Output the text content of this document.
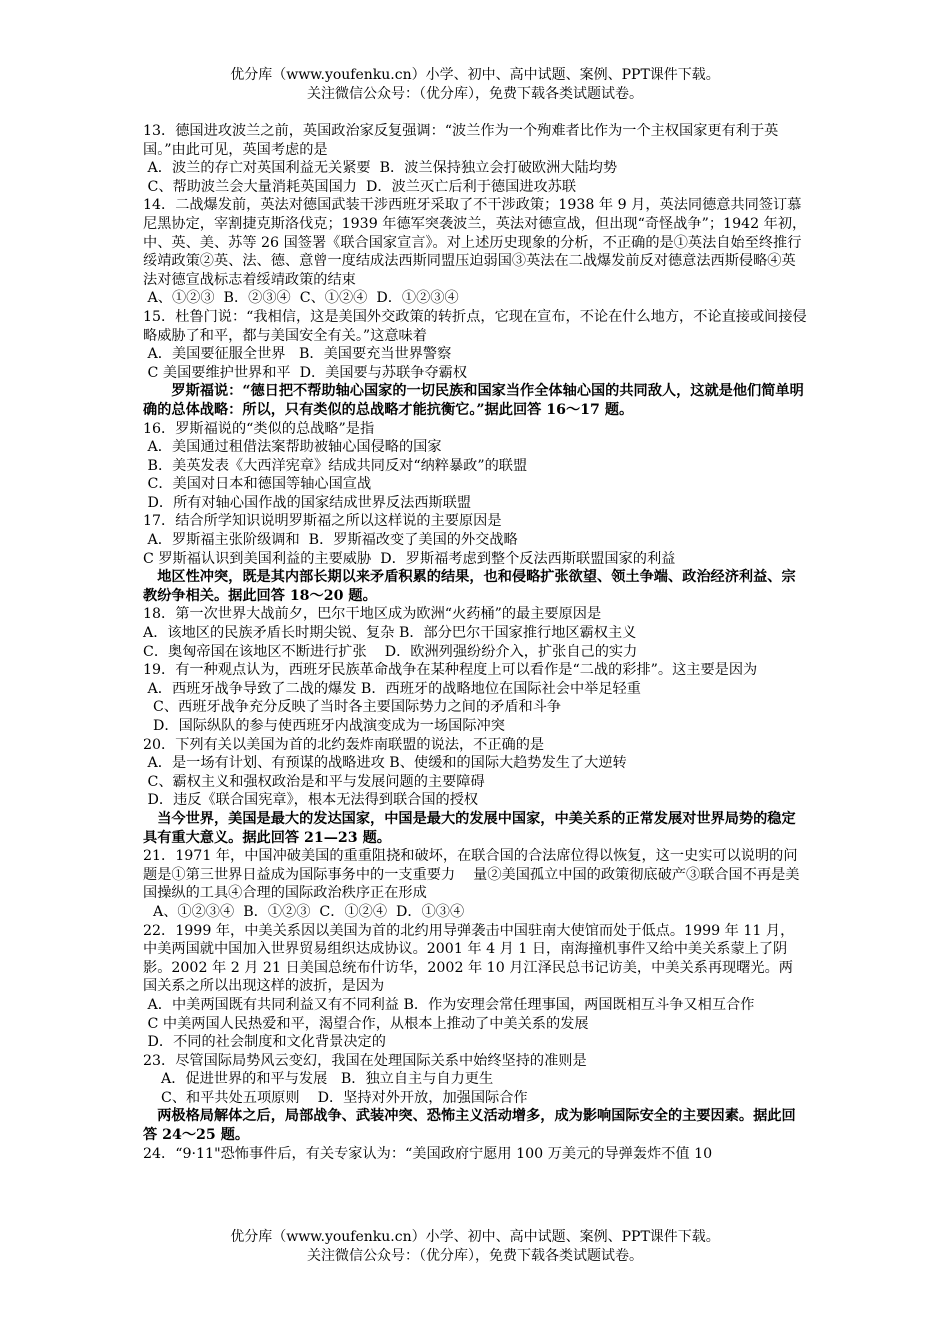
优分库（www.youfenku.cn）小学、初中、高中试题、案例、PPT课件下载。
关注微信公众号：（优分库），免费下载各类试题试卷。

13．德国进攻波兰之前，英国政治家反复强调：“波兰作为一个殉难者比作为一个主权国家更有利于英国。”由此可见，英国考虑的是

A．波兰的存亡对英国利益无关紧要  B．波兰保持独立会打破欧洲大陆均势

C、帮助波兰会大量消耗英国国力  D．波兰灭亡后利于德国进攻苏联

14．二战爆发前，英法对德国武装干涉西班牙采取了不干涉政策；1938 年 9 月，英法同德意共同签订慕尼黑协定，宰割捷克斯洛伐克；1939 年德军突袭波兰，英法对德宣战，但出现“奇怪战争”；1942 年初，中、英、美、苏等 26 国签署《联合国家宣言》。对上述历史现象的分析，不正确的是①英法自始至终推行绥靖政策②英、法、德、意曾一度结成法西斯同盟压迫弱国③英法在二战爆发前反对德意法西斯侵略④英法对德宣战标志着绥靖政策的结束

A、①②③  B．②③④  C、①②④  D．①②③④

15．杜鲁门说：“我相信，这是美国外交政策的转折点，它现在宣布，不论在什么地方，不论直接或间接侵略威胁了和平，都与美国安全有关。”这意味着

A．美国要征服全世界   B．美国要充当世界警察

C 美国要维护世界和平  D．美国要与苏联争夺霸权

罗斯福说：“德日把不帮助轴心国家的一切民族和国家当作全体轴心国的共同敌人，这就是他们简单明确的总体战略：所以，只有类似的总战略才能抗衡它。”据此回答 16～17 题。

16．罗斯福说的“类似的总战略”是指

A．美国通过租借法案帮助被轴心国侵略的国家

B．美英发表《大西洋宪章》结成共同反对“纳粹暴政”的联盟

C．美国对日本和德国等轴心国宣战

D．所有对轴心国作战的国家结成世界反法西斯联盟

17．结合所学知识说明罗斯福之所以这样说的主要原因是

A．罗斯福主张阶级调和  B．罗斯福改变了美国的外交战略

C 罗斯福认识到美国利益的主要威胁  D．罗斯福考虑到整个反法西斯联盟国家的利益

地区性冲突，既是其内部长期以来矛盾积累的结果，也和侵略扩张欲望、领土争端、政治经济利益、宗教纷争相关。据此回答 18～20 题。

18．第一次世界大战前夕，巴尔干地区成为欧洲“火药桶”的最主要原因是

A．该地区的民族矛盾长时期尖锐、复杂 B．部分巴尔干国家推行地区霸权主义

C．奥匈帝国在该地区不断进行扩张    D．欧洲列强纷纷介入，扩张自己的实力

19．有一种观点认为，西班牙民族革命战争在某种程度上可以看作是“二战的彩排”。这主要是因为

A．西班牙战争导致了二战的爆发 B．西班牙的战略地位在国际社会中举足轻重

C、西班牙战争充分反映了当时各主要国际势力之间的矛盾和斗争

D．国际纵队的参与使西班牙内战演变成为一场国际冲突

20．下列有关以美国为首的北约轰炸南联盟的说法，不正确的是

A．是一场有计划、有预谋的战略进攻 B、使缓和的国际大趋势发生了大逆转

C、霸权主义和强权政治是和平与发展问题的主要障碍

D．违反《联合国宪章》，根本无法得到联合国的授权

当今世界，美国是最大的发达国家，中国是最大的发展中国家，中美关系的正常发展对世界局势的稳定具有重大意义。据此回答 21—23 题。

21．1971 年，中国冲破美国的重重阻挠和破坏，在联合国的合法席位得以恢复，这一史实可以说明的问题是①第三世界日益成为国际事务中的一支重要力    量②美国孤立中国的政策彻底破产③联合国不再是美国操纵的工具④合理的国际政治秩序正在形成

A、①②③④  B．①②③  C．①②④  D．①③④

22．1999 年，中美关系因以美国为首的北约用导弹袭击中国驻南大使馆而处于低点。1999 年 11 月，中美两国就中国加入世界贸易组织达成协议。2001 年 4 月 1 日，南海撞机事件又给中美关系蒙上了阴影。2002 年 2 月 21 日美国总统布什访华，2002 年 10 月江泽民总书记访美，中美关系再现曙光。两国关系之所以出现这样的波折，是因为

A．中美两国既有共同利益又有不同利益 B．作为安理会常任理事国，两国既相互斗争又相互合作

C 中美两国人民热爱和平，渴望合作，从根本上推动了中美关系的发展

D．不同的社会制度和文化背景决定的

23．尽管国际局势风云变幻，我国在处理国际关系中始终坚持的准则是

A．促进世界的和平与发展   B．独立自主与自力更生

C、和平共处五项原则    D．坚持对外开放，加强国际合作

两极格局解体之后，局部战争、武装冲突、恐怖主义活动增多，成为影响国际安全的主要因素。据此回答 24～25 题。

24．“9·11"恐怖事件后，有关专家认为：“美国政府宁愿用 100 万美元的导弹轰炸不值 10

优分库（www.youfenku.cn）小学、初中、高中试题、案例、PPT课件下载。
关注微信公众号：（优分库），免费下载各类试题试卷。
